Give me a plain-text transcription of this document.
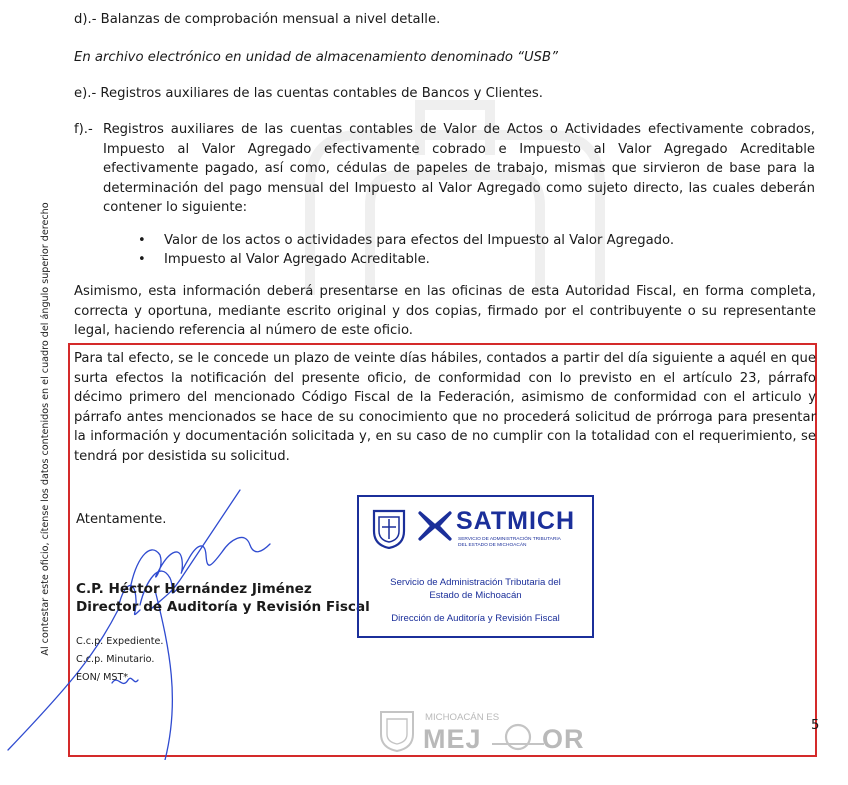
Al contestar este oficio, cítense los datos contenidos en el cuadro del ángulo superior derecho
d).- Balanzas de comprobación mensual a nivel detalle.
En archivo electrónico en unidad de almacenamiento denominado “USB”
e).- Registros auxiliares de las cuentas contables de Bancos y Clientes.
f).- Registros auxiliares de las cuentas contables de Valor de Actos o Actividades efectivamente cobrados, Impuesto al Valor Agregado efectivamente cobrado e Impuesto al Valor Agregado Acreditable efectivamente pagado, así como, cédulas de papeles de trabajo, mismas que sirvieron de base para la determinación del pago mensual del Impuesto al Valor Agregado como sujeto directo, las cuales deberán contener lo siguiente:
• Valor de los actos o actividades para efectos del Impuesto al Valor Agregado.
• Impuesto al Valor Agregado Acreditable.
Asimismo, esta información deberá presentarse en las oficinas de esta Autoridad Fiscal, en forma completa, correcta y oportuna, mediante escrito original y dos copias, firmado por el contribuyente o su representante legal, haciendo referencia al número de este oficio.
Para tal efecto, se le concede un plazo de veinte días hábiles, contados a partir del día siguiente a aquél en que surta efectos la notificación del presente oficio, de conformidad con lo previsto en el artículo 23, párrafo décimo primero del mencionado Código Fiscal de la Federación, asimismo de conformidad con el articulo y párrafo antes mencionados se hace de su conocimiento que no procederá solicitud de prórroga para presentar la información y documentación solicitada y, en su caso de no cumplir con la totalidad con el requerimiento, se tendrá por desistida su solicitud.
Atentamente.
C.P. Héctor Hernández Jiménez
Director de Auditoría y Revisión Fiscal
C.c.p. Expediente.
C.c.p. Minutario.
EON/ MST*
SATMICH
SERVICIO DE ADMINISTRACIÓN TRIBUTARIA DEL ESTADO DE MICHOACÁN
Servicio de Administración Tributaria del
Estado de Michoacán
Dirección de Auditoría y Revisión Fiscal
MICHOACÁN ES
MEJ OR	5
